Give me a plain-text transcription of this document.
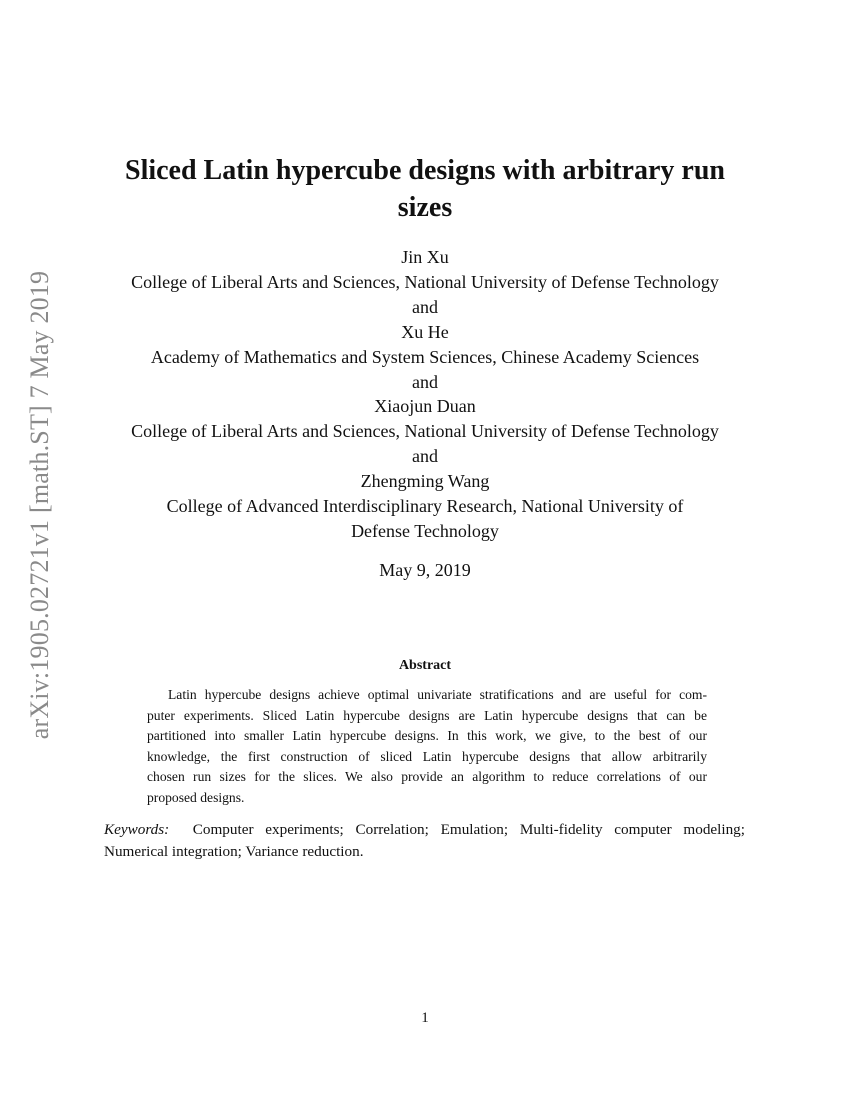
arXiv:1905.02721v1 [math.ST] 7 May 2019
Sliced Latin hypercube designs with arbitrary run
sizes
Jin Xu
College of Liberal Arts and Sciences, National University of Defense Technology
and
Xu He
Academy of Mathematics and System Sciences, Chinese Academy Sciences
and
Xiaojun Duan
College of Liberal Arts and Sciences, National University of Defense Technology
and
Zhengming Wang
College of Advanced Interdisciplinary Research, National University of
Defense Technology
May 9, 2019
Abstract
Latin hypercube designs achieve optimal univariate stratifications and are useful for com-
puter experiments. Sliced Latin hypercube designs are Latin hypercube designs that can be
partitioned into smaller Latin hypercube designs. In this work, we give, to the best of our
knowledge, the first construction of sliced Latin hypercube designs that allow arbitrarily
chosen run sizes for the slices. We also provide an algorithm to reduce correlations of our
proposed designs.
Keywords: Computer experiments; Correlation; Emulation; Multi-fidelity computer modeling;
Numerical integration; Variance reduction.
1
